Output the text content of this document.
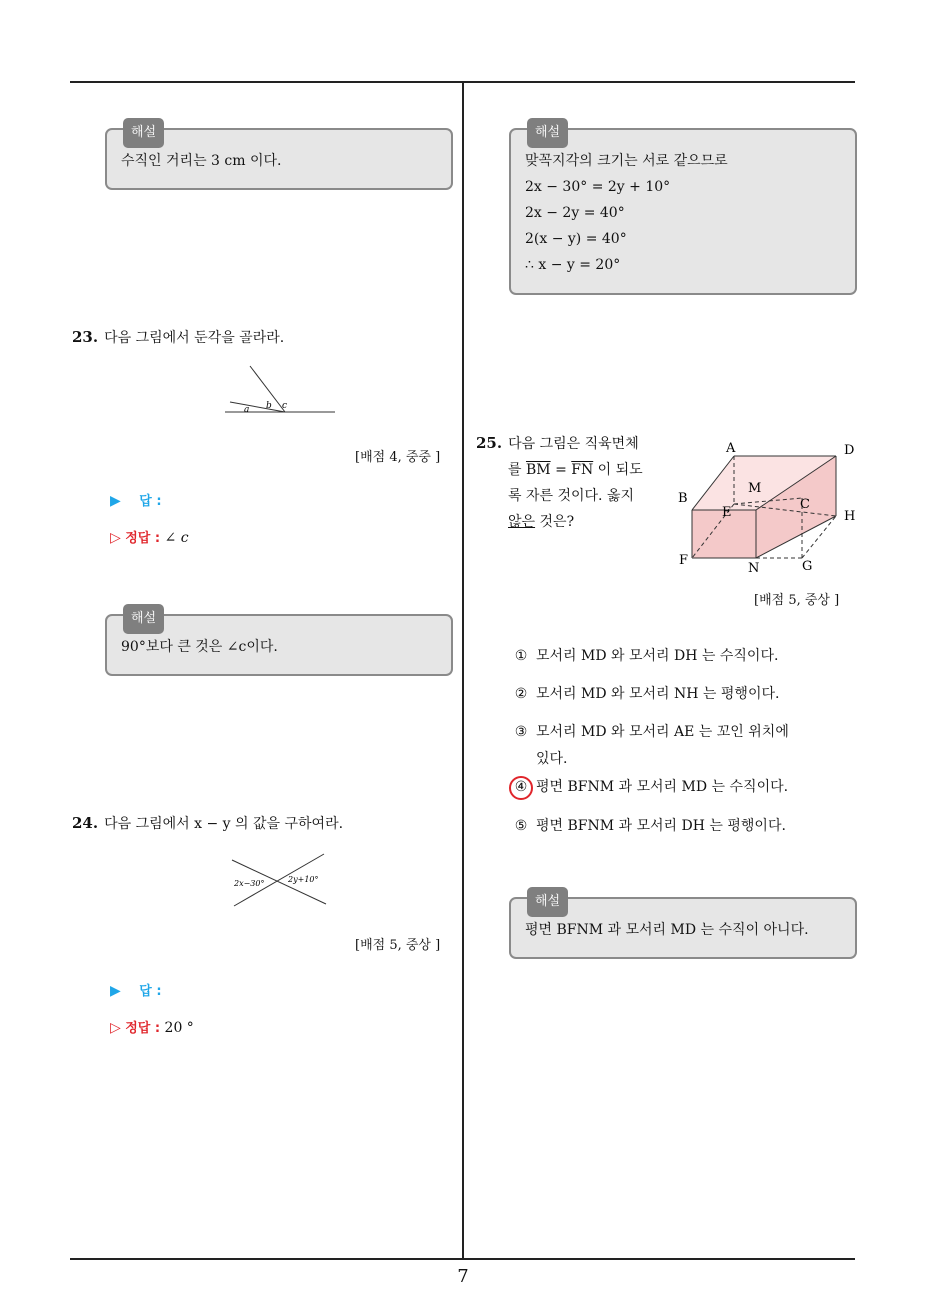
해설
수직인 거리는 3 cm 이다.
23. 다음 그림에서 둔각을 골라라.
a b c
[배점 4, 중중 ]
▶ 답 :
▷ 정답 : ∠ c
해설
90°보다 큰 것은 ∠c이다.
24. 다음 그림에서 x − y 의 값을 구하여라.
2x−30°	2y+10°
[배점 5, 중상 ]
▶ 답 :
▷ 정답 : 20 °
해설
맞꼭지각의 크기는 서로 같으므로
2x − 30° = 2y + 10°
2x − 2y = 40°
2(x − y) = 40°
∴ x − y = 20°
25. 다음 그림은 직육면체
를 $\overline{BM} = \overline{FN}$ 이 되도
록 자른 것이다. 옳지
않은 것은?
A	D
B
M
C
E	H
F
N	G
[배점 5, 중상 ]
① 모서리 MD 와 모서리 DH 는 수직이다.
② 모서리 MD 와 모서리 NH 는 평행이다.
③ 모서리 MD 와 모서리 AE 는 꼬인 위치에
있다.
④ 평면 BFNM 과 모서리 MD 는 수직이다.
⑤ 평면 BFNM 과 모서리 DH 는 평행이다.
해설
평면 BFNM 과 모서리 MD 는 수직이 아니다.
7
